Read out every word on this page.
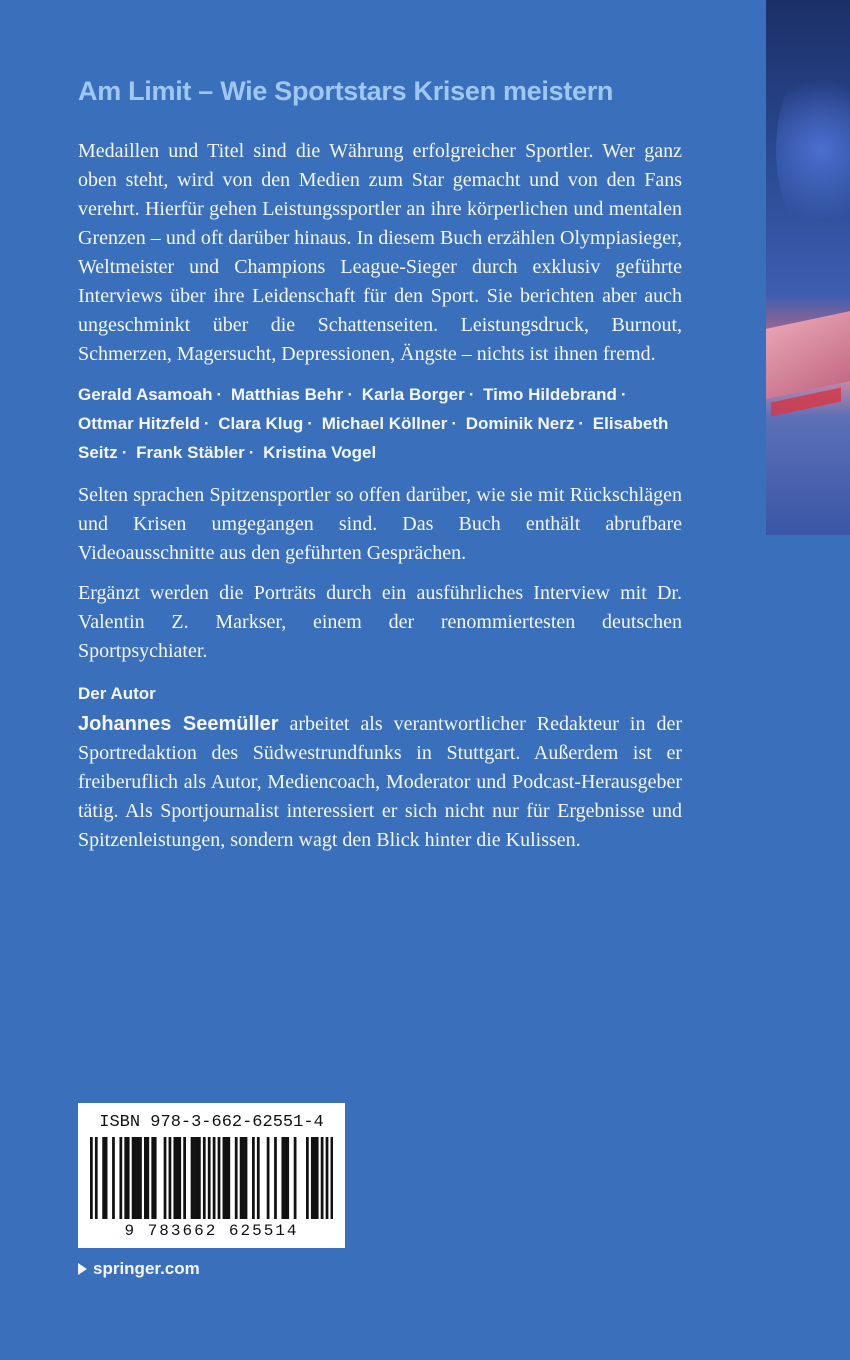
Am Limit – Wie Sportstars Krisen meistern

Medaillen und Titel sind die Währung erfolgreicher Sportler. Wer ganz oben steht, wird von den Medien zum Star gemacht und von den Fans verehrt. Hierfür gehen Leistungssportler an ihre körperlichen und mentalen Grenzen – und oft darüber hinaus. In diesem Buch erzählen Olympiasieger, Weltmeister und Champions League-Sieger durch exklusiv geführte Interviews über ihre Leidenschaft für den Sport. Sie berichten aber auch ungeschminkt über die Schattenseiten. Leistungsdruck, Burnout, Schmerzen, Magersucht, Depressionen, Ängste – nichts ist ihnen fremd.

Gerald Asamoah · Matthias Behr · Karla Borger · Timo Hildebrand · Ottmar Hitzfeld · Clara Klug · Michael Köllner · Dominik Nerz · Elisabeth Seitz · Frank Stäbler · Kristina Vogel

Selten sprachen Spitzensportler so offen darüber, wie sie mit Rückschlägen und Krisen umgegangen sind. Das Buch enthält abrufbare Videoausschnitte aus den geführten Gesprächen.

Ergänzt werden die Porträts durch ein ausführliches Interview mit Dr. Valentin Z. Markser, einem der renommiertesten deutschen Sportpsychiater.

Der Autor

Johannes Seemüller arbeitet als verantwortlicher Redakteur in der Sportredaktion des Südwestrundfunks in Stuttgart. Außerdem ist er freiberuflich als Autor, Mediencoach, Moderator und Podcast-Herausgeber tätig. Als Sportjournalist interessiert er sich nicht nur für Ergebnisse und Spitzenleistungen, sondern wagt den Blick hinter die Kulissen.

ISBN 978-3-662-62551-4
9 783662 625514
springer.com
